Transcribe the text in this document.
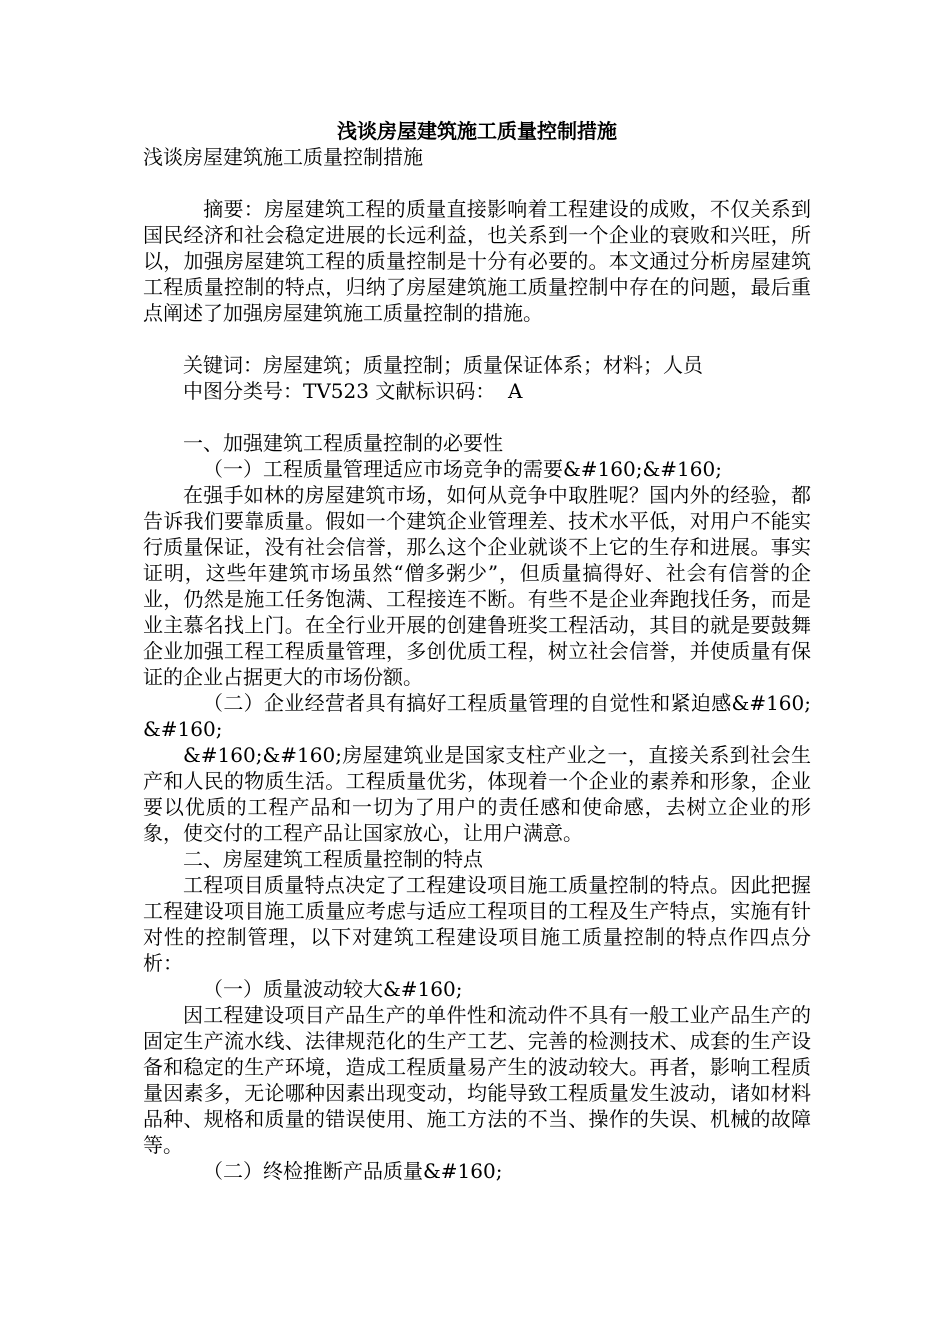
浅谈房屋建筑施工质量控制措施

浅谈房屋建筑施工质量控制措施

　摘要：房屋建筑工程的质量直接影响着工程建设的成败，不仅关系到国民经济和社会稳定进展的长远利益，也关系到一个企业的衰败和兴旺，所以，加强房屋建筑工程的质量控制是十分有必要的。本文通过分析房屋建筑工程质量控制的特点，归纳了房屋建筑施工质量控制中存在的问题，最后重点阐述了加强房屋建筑施工质量控制的措施。

关键词：房屋建筑；质量控制；质量保证体系；材料；人员

中图分类号：TV523 文献标识码：  A

一、加强建筑工程质量控制的必要性

（一）工程质量管理适应市场竞争的需要&#160;&#160;

在强手如林的房屋建筑市场，如何从竞争中取胜呢？国内外的经验，都告诉我们要靠质量。假如一个建筑企业管理差、技术水平低，对用户不能实行质量保证，没有社会信誉，那么这个企业就谈不上它的生存和进展。事实证明，这些年建筑市场虽然“僧多粥少”，但质量搞得好、社会有信誉的企业，仍然是施工任务饱满、工程接连不断。有些不是企业奔跑找任务，而是业主慕名找上门。在全行业开展的创建鲁班奖工程活动，其目的就是要鼓舞企业加强工程工程质量管理，多创优质工程，树立社会信誉，并使质量有保证的企业占据更大的市场份额。

（二）企业经营者具有搞好工程质量管理的自觉性和紧迫感&#160;&#160;

&#160;&#160;房屋建筑业是国家支柱产业之一，直接关系到社会生产和人民的物质生活。工程质量优劣，体现着一个企业的素养和形象，企业要以优质的工程产品和一切为了用户的责任感和使命感，去树立企业的形象，使交付的工程产品让国家放心，让用户满意。

二、房屋建筑工程质量控制的特点

工程项目质量特点决定了工程建设项目施工质量控制的特点。因此把握工程建设项目施工质量应考虑与适应工程项目的工程及生产特点，实施有针对性的控制管理，以下对建筑工程建设项目施工质量控制的特点作四点分析：

（一）质量波动较大&#160;

因工程建设项目产品生产的单件性和流动件不具有一般工业产品生产的固定生产流水线、法律规范化的生产工艺、完善的检测技术、成套的生产设备和稳定的生产环境，造成工程质量易产生的波动较大。再者，影响工程质量因素多，无论哪种因素出现变动，均能导致工程质量发生波动，诸如材料品种、规格和质量的错误使用、施工方法的不当、操作的失误、机械的故障等。

（二）终检推断产品质量&#160;
